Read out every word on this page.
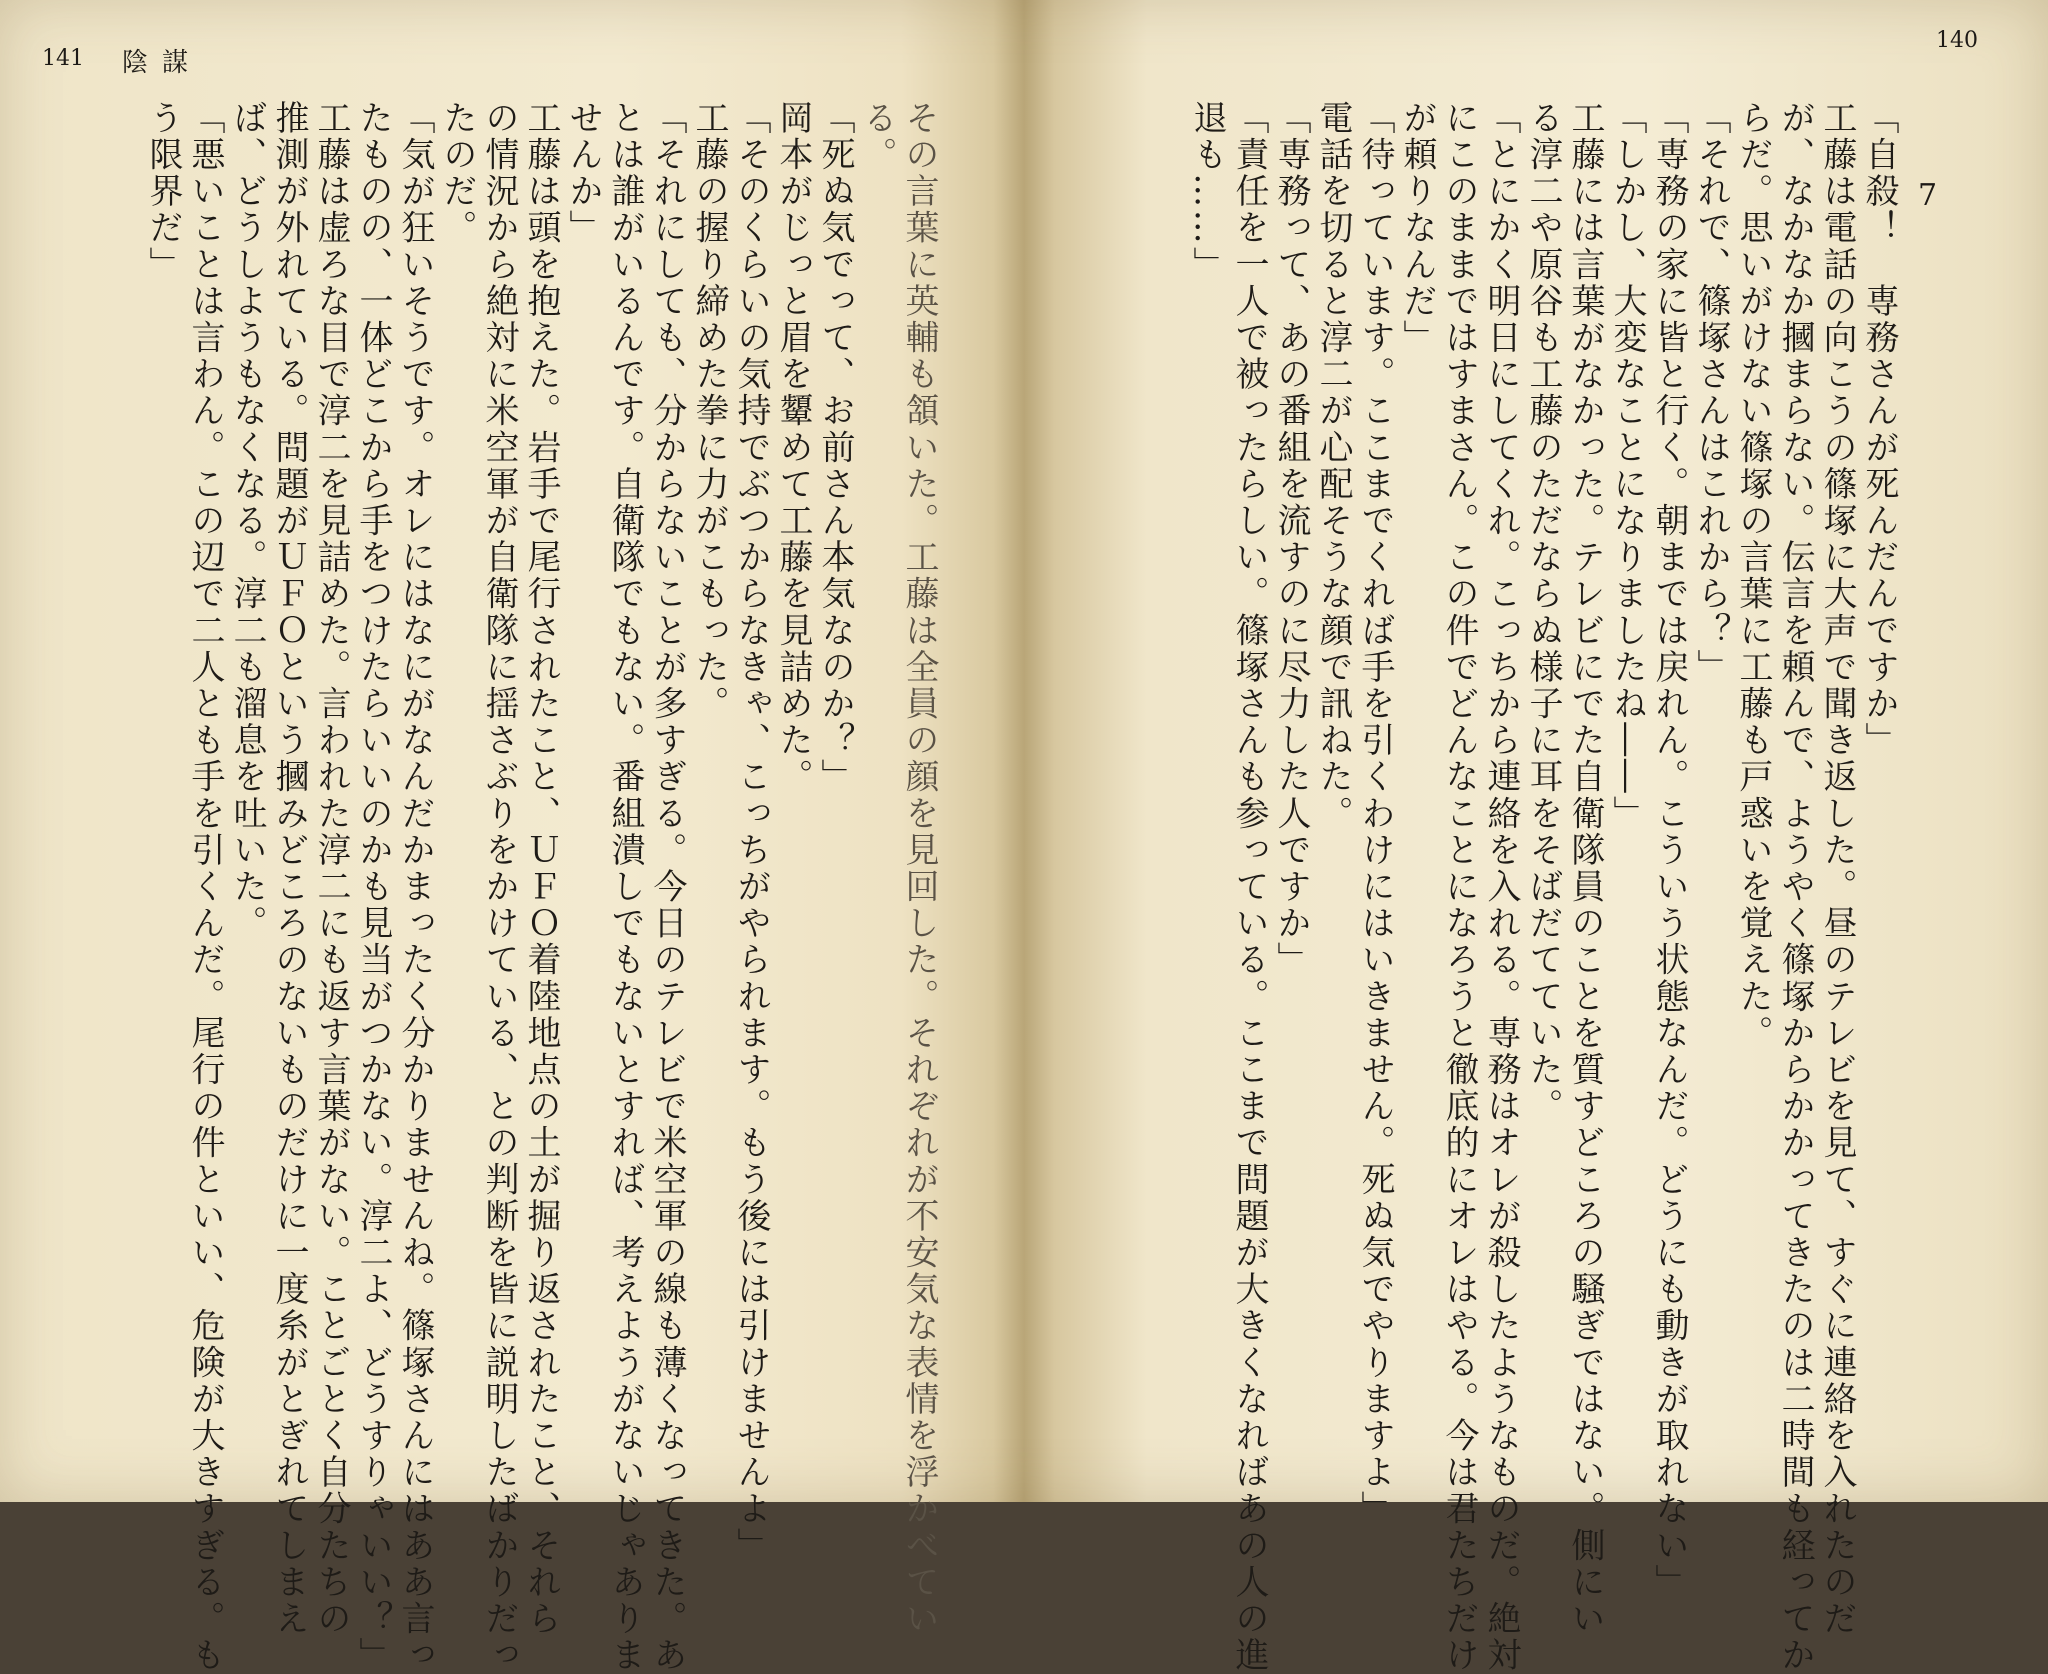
141 陰謀
140
7

その言葉に英輔も頷いた。工藤は全員の顔を見回した。それぞれが不安気な表情を浮かべてい

る。

「死ぬ気でって、お前さん本気なのか？」

岡本がじっと眉を顰めて工藤を見詰めた。

「そのくらいの気持でぶつからなきゃ、こっちがやられます。もう後には引けませんよ」

工藤の握り締めた拳に力がこもった。

「それにしても、分からないことが多すぎる。今日のテレビで米空軍の線も薄くなってきた。あ

とは誰がいるんです。自衛隊でもない。番組潰しでもないとすれば、考えようがないじゃありま

せんか」

工藤は頭を抱えた。岩手で尾行されたこと、ＵＦＯ着陸地点の土が掘り返されたこと、それら

の情況から絶対に米空軍が自衛隊に揺さぶりをかけている、との判断を皆に説明したばかりだっ

たのだ。

「気が狂いそうです。オレにはなにがなんだかまったく分かりませんね。篠塚さんにはああ言っ

たものの、一体どこから手をつけたらいいのかも見当がつかない。淳二よ、どうすりゃいい？」

工藤は虚ろな目で淳二を見詰めた。言われた淳二にも返す言葉がない。ことごとく自分たちの

推測が外れている。問題がＵＦＯという摑みどころのないものだけに一度糸がとぎれてしまえ

ば、どうしようもなくなる。淳二も溜息を吐いた。

「悪いことは言わん。この辺で二人とも手を引くんだ。尾行の件といい、危険が大きすぎる。も

う限界だ」	「自殺！　専務さんが死んだんですか」

工藤は電話の向こうの篠塚に大声で聞き返した。昼のテレビを見て、すぐに連絡を入れたのだ

が、なかなか摑まらない。伝言を頼んで、ようやく篠塚からかかってきたのは二時間も経ってか

らだ。思いがけない篠塚の言葉に工藤も戸惑いを覚えた。

「それで、篠塚さんはこれから？」

「専務の家に皆と行く。朝までは戻れん。こういう状態なんだ。どうにも動きが取れない」

「しかし、大変なことになりましたね――」

工藤には言葉がなかった。テレビにでた自衛隊員のことを質すどころの騒ぎではない。側にい

る淳二や原谷も工藤のただならぬ様子に耳をそばだてていた。

「とにかく明日にしてくれ。こっちから連絡を入れる。専務はオレが殺したようなものだ。絶対

にこのままではすまさん。この件でどんなことになろうと徹底的にオレはやる。今は君たちだけ

が頼りなんだ」

「待っています。ここまでくれば手を引くわけにはいきません。死ぬ気でやりますよ」

電話を切ると淳二が心配そうな顔で訊ねた。

「専務って、あの番組を流すのに尽力した人ですか」

「責任を一人で被ったらしい。篠塚さんも参っている。ここまで問題が大きくなればあの人の進

退も……」
